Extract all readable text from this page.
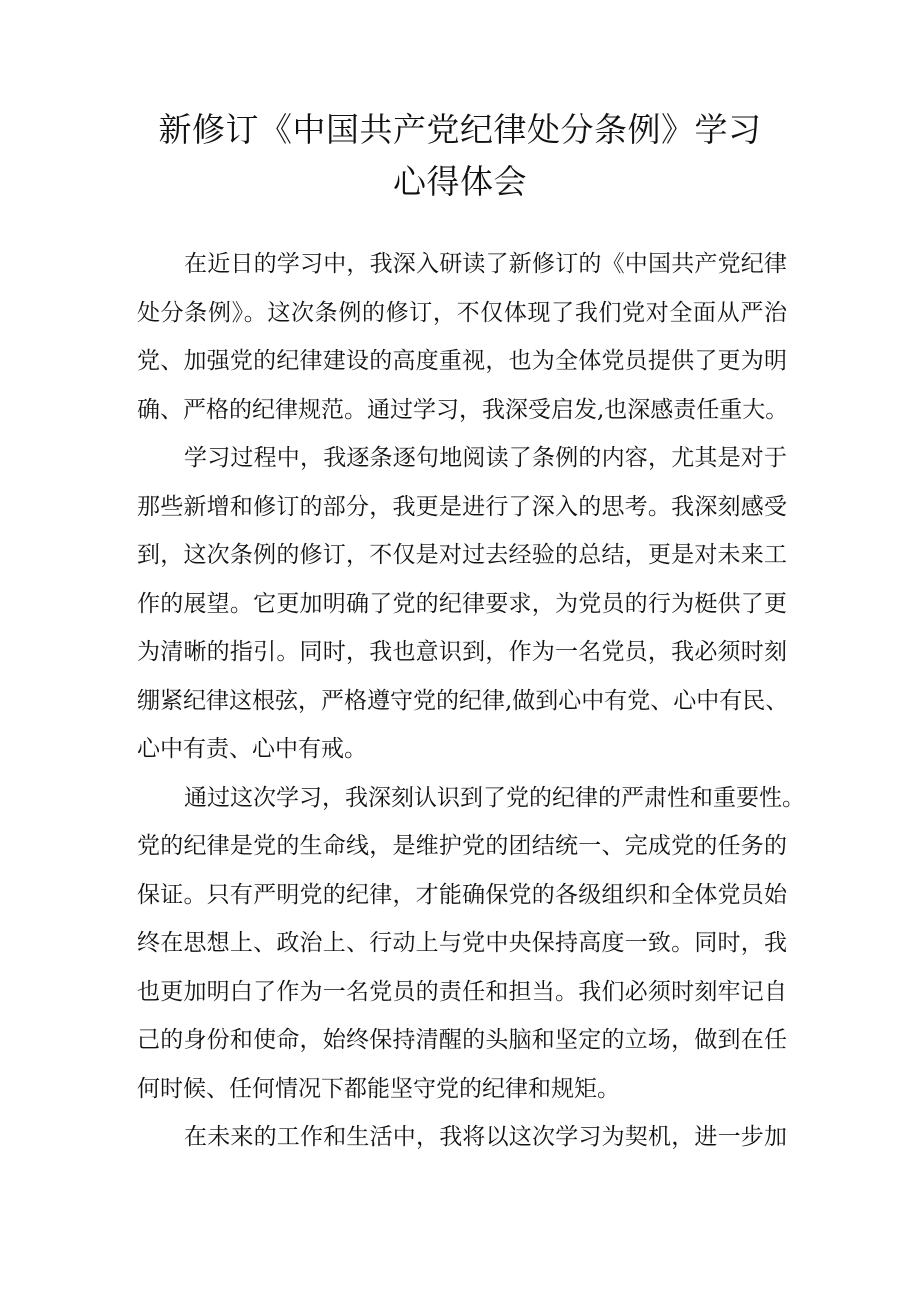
新修订《中国共产党纪律处分条例》学习
心得体会
在近日的学习中，我深入研读了新修订的《中国共产党纪律
处分条例》。这次条例的修订，不仅体现了我们党对全面从严治
党、加强党的纪律建设的高度重视，也为全体党员提供了更为明
确、严格的纪律规范。通过学习，我深受启发,也深感责任重大。
学习过程中，我逐条逐句地阅读了条例的内容，尤其是对于
那些新增和修订的部分，我更是进行了深入的思考。我深刻感受
到，这次条例的修订，不仅是对过去经验的总结，更是对未来工
作的展望。它更加明确了党的纪律要求，为党员的行为梃供了更
为清晰的指引。同时，我也意识到，作为一名党员，我必须时刻
绷紧纪律这根弦，严格遵守党的纪律,做到心中有党、心中有民、
心中有责、心中有戒。
通过这次学习，我深刻认识到了党的纪律的严肃性和重要性。
党的纪律是党的生命线，是维护党的团结统一、完成党的任务的
保证。只有严明党的纪律，才能确保党的各级组织和全体党员始
终在思想上、政治上、行动上与党中央保持高度一致。同时，我
也更加明白了作为一名党员的责任和担当。我们必须时刻牢记自
己的身份和使命，始终保持清醒的头脑和坚定的立场，做到在任
何时候、任何情况下都能坚守党的纪律和规矩。
在未来的工作和生活中，我将以这次学习为契机，进一步加
